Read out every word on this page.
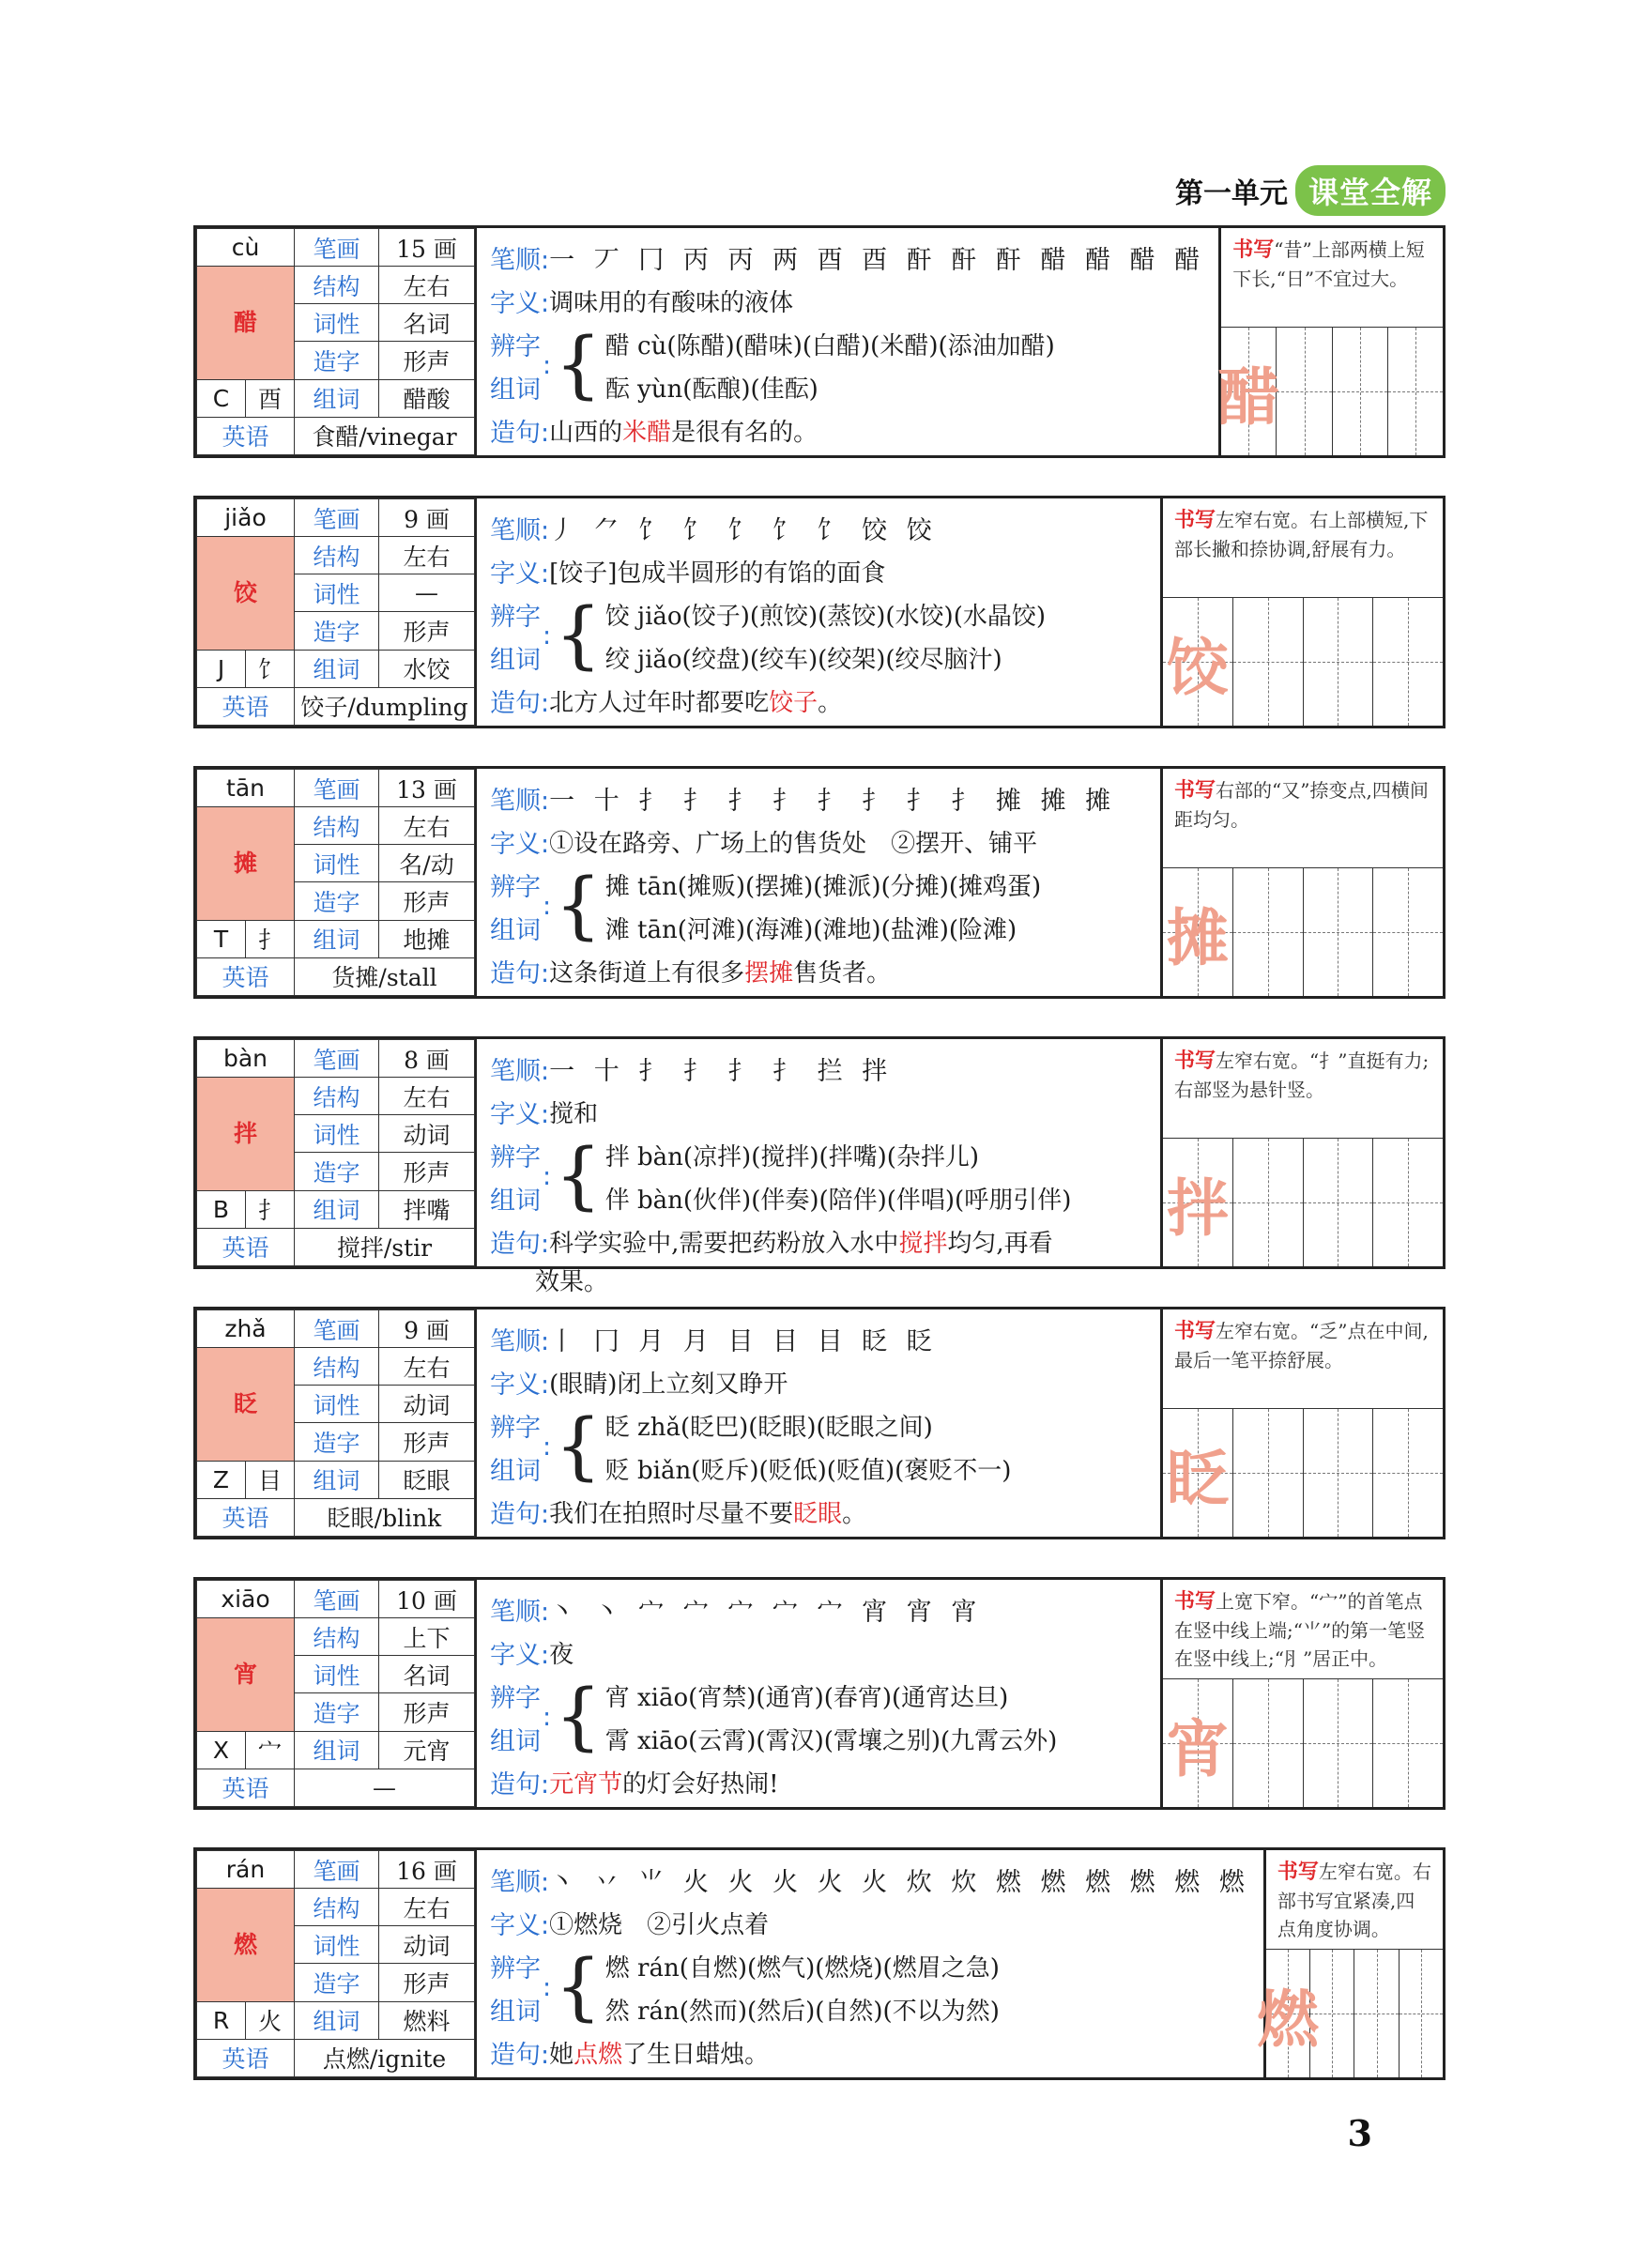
第一单元 课堂全解
cù	笔画	15 画
醋	结构	左右
	词性	名词
	造字	形声

C 酉	组词	醋酸
英语	食醋/vinegar	
笔顺: 一 丆 冂 丙 丙 两 酉 酉 酐 酐 酐 醋 醋 醋 醋
字义: 调味用的有酸味的液体
辨字
组词
: { 醋 cù(陈醋)(醋味)(白醋)(米醋)(添油加醋)
酝 yùn(酝酿)(佳酝)
造句: 山西的 米醋 是很有名的。
书写“昔”上部两横上短下长,“日”不宜过大。
醋
jiǎo	笔画	9 画
饺	结构	左右
	词性	—
	造字	形声

J 饣	组词	水饺
英语	饺子/dumpling	
笔顺: 丿 ⺈ 饣 饣 饣 饣 饣 饺 饺
字义: [饺子]包成半圆形的有馅的面食
辨字
组词
: { 饺 jiǎo(饺子)(煎饺)(蒸饺)(水饺)(水晶饺)
绞 jiǎo(绞盘)(绞车)(绞架)(绞尽脑汁)
造句: 北方人过年时都要吃 饺子 。
书写左窄右宽。右上部横短,下部长撇和捺协调,舒展有力。
饺
tān	笔画	13 画
摊	结构	左右
	词性	名/动
	造字	形声

T 扌	组词	地摊
英语	货摊/stall	
笔顺: 一 十 扌 扌 扌 扌 扌 扌 扌 扌 摊 摊 摊
字义: ①设在路旁、广场上的售货处　②摆开、铺平
辨字
组词
: { 摊 tān(摊贩)(摆摊)(摊派)(分摊)(摊鸡蛋)
滩 tān(河滩)(海滩)(滩地)(盐滩)(险滩)
造句: 这条街道上有很多 摆摊 售货者。
书写右部的“又”捺变点,四横间距均匀。
摊
bàn	笔画	8 画
拌	结构	左右
	词性	动词
	造字	形声

B 扌	组词	拌嘴
英语	搅拌/stir	
笔顺: 一 十 扌 扌 扌 扌 拦 拌
字义: 搅和
辨字
组词
: { 拌 bàn(凉拌)(搅拌)(拌嘴)(杂拌儿)
伴 bàn(伙伴)(伴奏)(陪伴)(伴唱)(呼朋引伴)
造句: 科学实验中,需要把药粉放入水中 搅拌 均匀,再看
效果。
书写左窄右宽。“扌”直挺有力;右部竖为悬针竖。
拌
zhǎ	笔画	9 画
眨	结构	左右
	词性	动词
	造字	形声

Z 目	组词	眨眼
英语	眨眼/blink	
笔顺: 丨 冂 月 月 目 目 目 眨 眨
字义: (眼睛)闭上立刻又睁开
辨字
组词
: { 眨 zhǎ(眨巴)(眨眼)(眨眼之间)
贬 biǎn(贬斥)(贬低)(贬值)(褒贬不一)
造句: 我们在拍照时尽量不要 眨眼 。
书写左窄右宽。“乏”点在中间,最后一笔平捺舒展。
眨
xiāo	笔画	10 画
宵	结构	上下
	词性	名词
	造字	形声

X 宀	组词	元宵
英语	—	
笔顺: 丶 丶 宀 宀 宀 宀 宀 宵 宵 宵
字义: 夜
辨字
组词
: { 宵 xiāo(宵禁)(通宵)(春宵)(通宵达旦)
霄 xiāo(云霄)(霄汉)(霄壤之别)(九霄云外)
造句: 元宵节 的灯会好热闹!
书写上宽下窄。“宀”的首笔点在竖中线上端;“⺌”的第一笔竖在竖中线上;“⺼”居正中。
宵
rán	笔画	16 画
燃	结构	左右
	词性	动词
	造字	形声

R 火	组词	燃料
英语	点燃/ignite	
笔顺: 丶 丷 ⺌ 火 火 火 火 火 炊 炊 燃 燃 燃 燃 燃 燃
字义: ①燃烧　②引火点着
辨字
组词
: { 燃 rán(自燃)(燃气)(燃烧)(燃眉之急)
然 rán(然而)(然后)(自然)(不以为然)
造句: 她 点燃 了生日蜡烛。
书写左窄右宽。右部书写宜紧凑,四点角度协调。
燃
3
